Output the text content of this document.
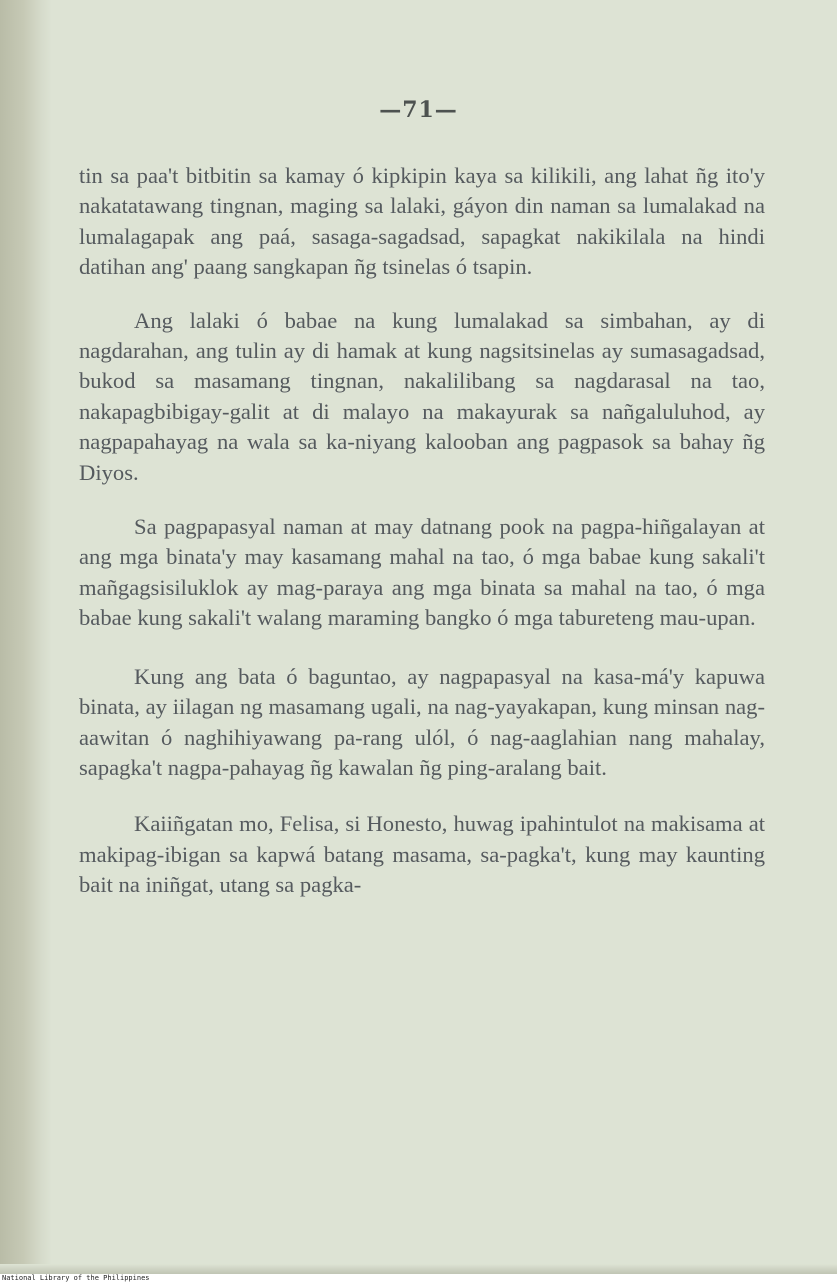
—71—

tin sa paa't bitbitin sa kamay ó kipkipin kaya sa kilikili, ang lahat ñg ito'y nakatatawang tingnan, maging sa lalaki, gáyon din naman sa lumalakad na lumalagapak ang paá, sasaga-sagadsad, sapagkat nakikilala na hindi datihan ang' paang sangkapan ñg tsinelas ó tsapin.

Ang lalaki ó babae na kung lumalakad sa simbahan, ay di nagdarahan, ang tulin ay di hamak at kung nagsitsinelas ay sumasagadsad, bukod sa masamang tingnan, nakalilibang sa nagdarasal na tao, nakapagbibigay-galit at di malayo na makayurak sa nañgaluluhod, ay nagpapahayag na wala sa ka-niyang kalooban ang pagpasok sa bahay ñg Diyos.

Sa pagpapasyal naman at may datnang pook na pagpa-hiñgalayan at ang mga binata'y may kasamang mahal na tao, ó mga babae kung sakali't mañgagsisiluklok ay mag-paraya ang mga binata sa mahal na tao, ó mga babae kung sakali't walang maraming bangko ó mga tabureteng mau-upan.

Kung ang bata ó baguntao, ay nagpapasyal na kasa-má'y kapuwa binata, ay iilagan ng masamang ugali, na nag-yayakapan, kung minsan nag-aawitan ó naghihiyawang pa-rang ulól, ó nag-aaglahian nang mahalay, sapagka't nagpa-pahayag ñg kawalan ñg ping-aralang bait.

Kaiiñgatan mo, Felisa, si Honesto, huwag ipahintulot na makisama at makipag-ibigan sa kapwá batang masama, sa-pagka't, kung may kaunting bait na iniñgat, utang sa pagka-

National Library of the Philippines
